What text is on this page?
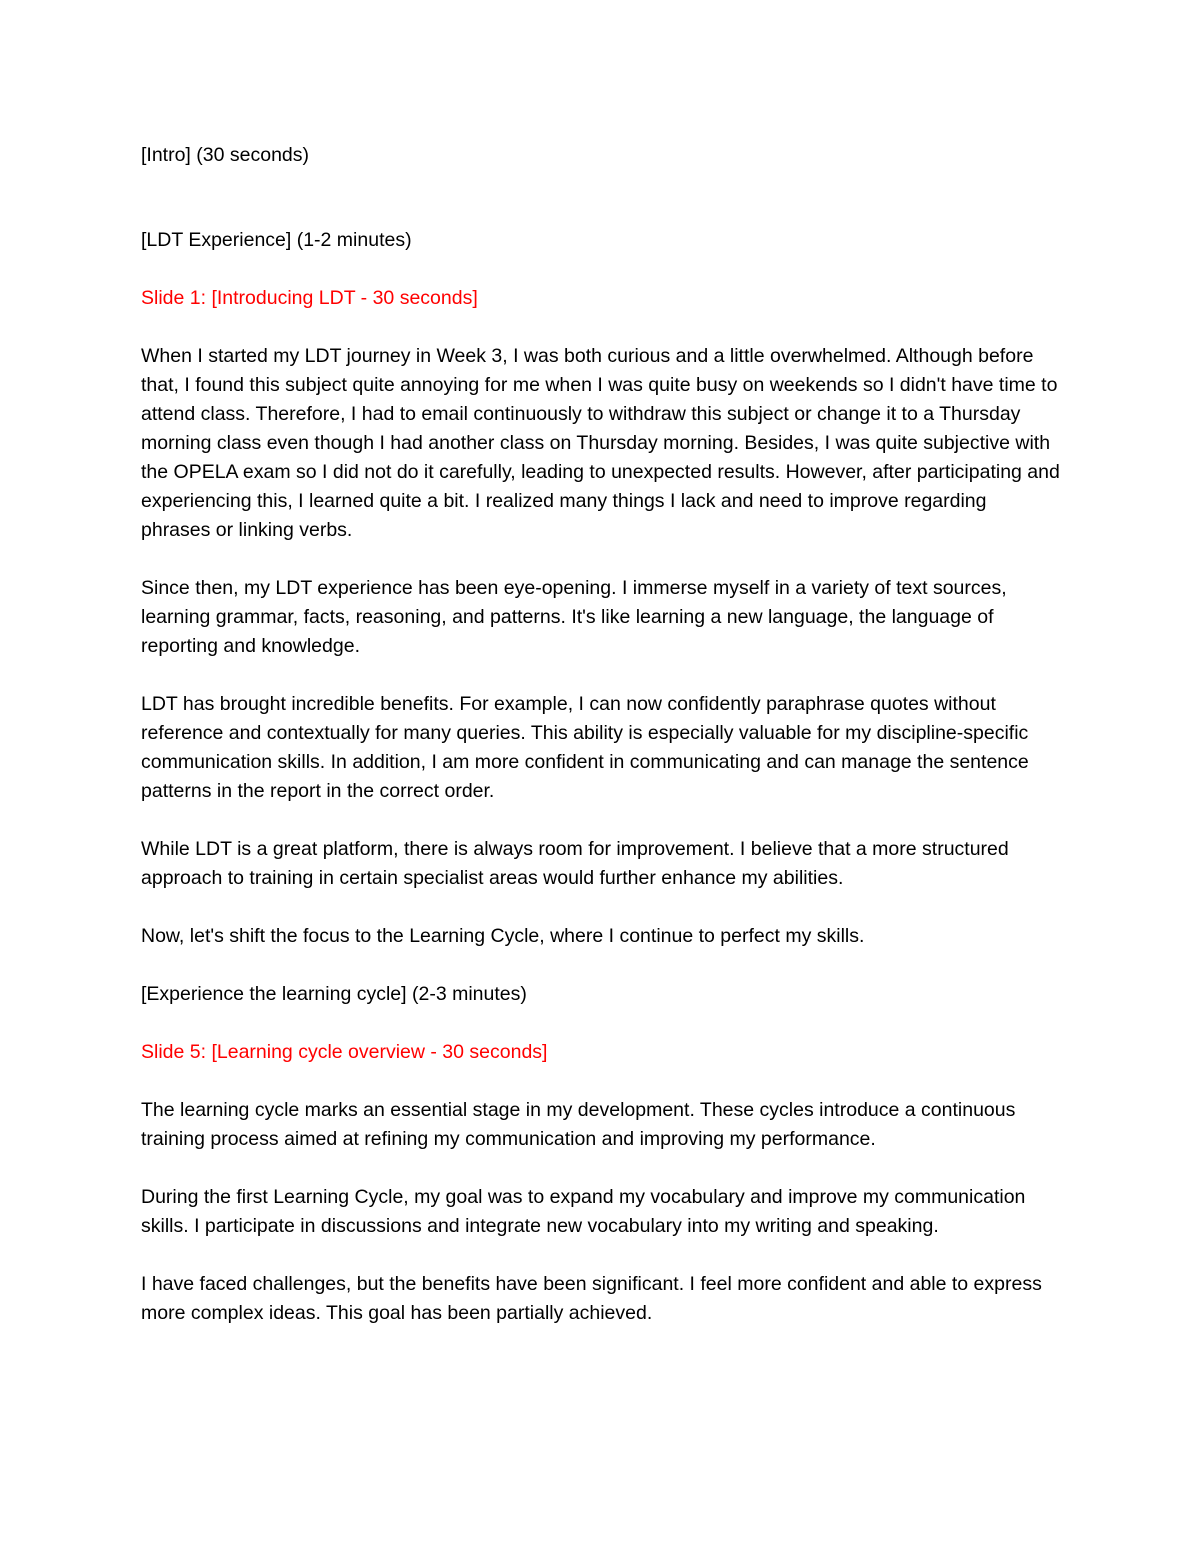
[Intro] (30 seconds)

[LDT Experience] (1-2 minutes)

Slide 1: [Introducing LDT - 30 seconds]

When I started my LDT journey in Week 3, I was both curious and a little overwhelmed. Although before that, I found this subject quite annoying for me when I was quite busy on weekends so I didn't have time to attend class. Therefore, I had to email continuously to withdraw this subject or change it to a Thursday morning class even though I had another class on Thursday morning. Besides, I was quite subjective with the OPELA exam so I did not do it carefully, leading to unexpected results. However, after participating and experiencing this, I learned quite a bit. I realized many things I lack and need to improve regarding phrases or linking verbs.

Since then, my LDT experience has been eye-opening. I immerse myself in a variety of text sources, learning grammar, facts, reasoning, and patterns. It's like learning a new language, the language of reporting and knowledge.

LDT has brought incredible benefits. For example, I can now confidently paraphrase quotes without reference and contextually for many queries. This ability is especially valuable for my discipline-specific communication skills. In addition, I am more confident in communicating and can manage the sentence patterns in the report in the correct order.

While LDT is a great platform, there is always room for improvement. I believe that a more structured approach to training in certain specialist areas would further enhance my abilities.

Now, let's shift the focus to the Learning Cycle, where I continue to perfect my skills.

[Experience the learning cycle] (2-3 minutes)

Slide 5: [Learning cycle overview - 30 seconds]

The learning cycle marks an essential stage in my development. These cycles introduce a continuous training process aimed at refining my communication and improving my performance.

During the first Learning Cycle, my goal was to expand my vocabulary and improve my communication skills. I participate in discussions and integrate new vocabulary into my writing and speaking.

I have faced challenges, but the benefits have been significant. I feel more confident and able to express more complex ideas. This goal has been partially achieved.
